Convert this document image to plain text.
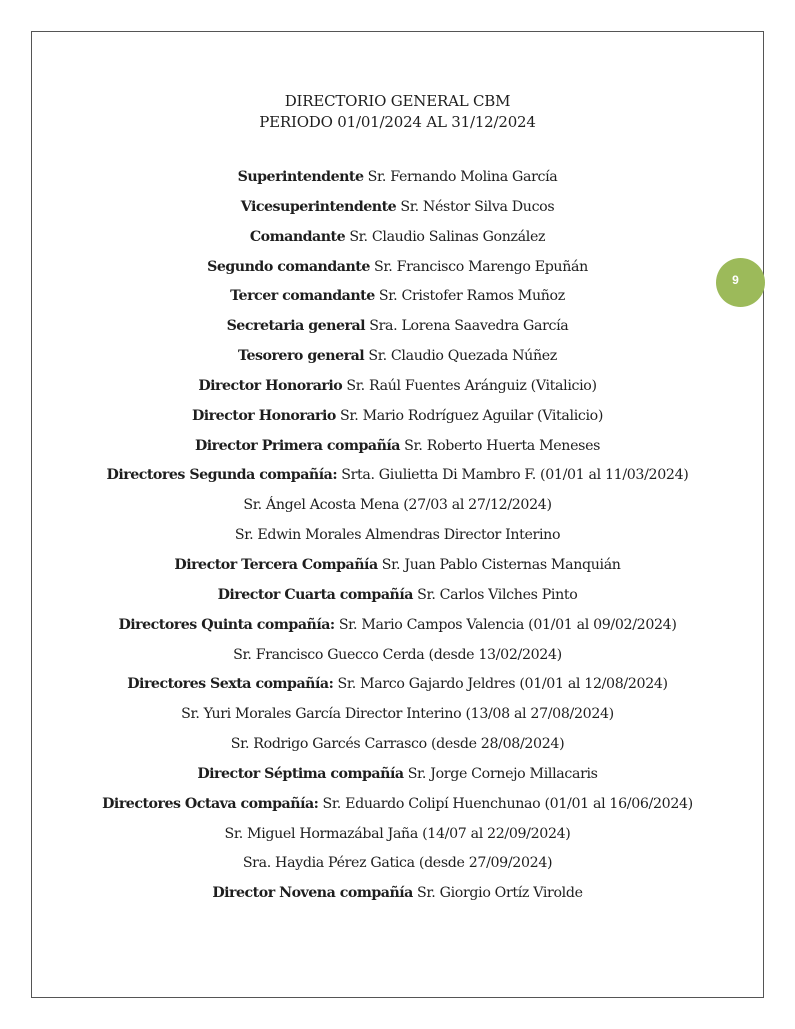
DIRECTORIO GENERAL CBM
PERIODO 01/01/2024 AL 31/12/2024
Superintendente Sr. Fernando Molina García
Vicesuperintendente Sr. Néstor Silva Ducos
Comandante Sr. Claudio Salinas González
Segundo comandante Sr. Francisco Marengo Epuñán
Tercer comandante Sr. Cristofer Ramos Muñoz
Secretaria general Sra. Lorena Saavedra García
Tesorero general Sr. Claudio Quezada Núñez
Director Honorario Sr. Raúl Fuentes Aránguiz (Vitalicio)
Director Honorario Sr. Mario Rodríguez Aguilar (Vitalicio)
Director Primera compañía Sr. Roberto Huerta Meneses
Directores Segunda compañía: Srta. Giulietta Di Mambro F. (01/01 al 11/03/2024)
Sr. Ángel Acosta Mena (27/03 al 27/12/2024)
Sr. Edwin Morales Almendras Director Interino
Director Tercera Compañía Sr. Juan Pablo Cisternas Manquián
Director Cuarta compañía Sr. Carlos Vilches Pinto
Directores Quinta compañía: Sr. Mario Campos Valencia (01/01 al 09/02/2024)
Sr. Francisco Guecco Cerda (desde 13/02/2024)
Directores Sexta compañía: Sr. Marco Gajardo Jeldres (01/01 al 12/08/2024)
Sr. Yuri Morales García Director Interino (13/08 al 27/08/2024)
Sr. Rodrigo Garcés Carrasco (desde 28/08/2024)
Director Séptima compañía Sr. Jorge Cornejo Millacaris
Directores Octava compañía: Sr. Eduardo Colipí Huenchunao (01/01 al 16/06/2024)
Sr. Miguel Hormazábal Jaña (14/07 al 22/09/2024)
Sra. Haydia Pérez Gatica (desde 27/09/2024)
Director Novena compañía Sr. Giorgio Ortíz Virolde
9
